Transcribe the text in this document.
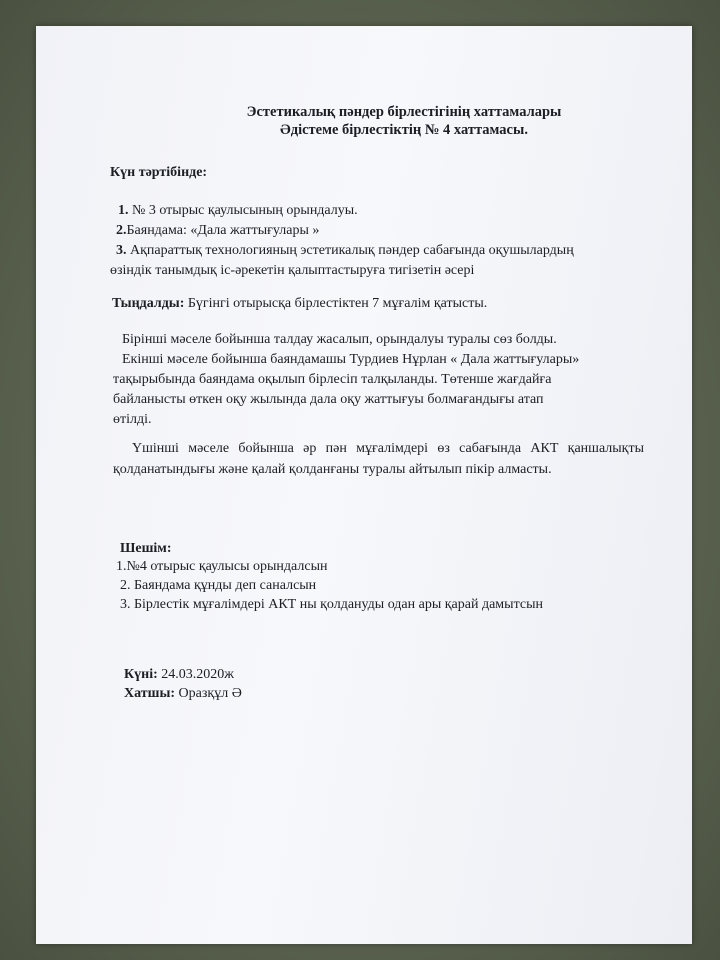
Эстетикалық пәндер бірлестігінің хаттамалары
Әдістеме бірлестіктің № 4 хаттамасы.
Күн тәртібінде:
1. № 3 отырыс қаулысының орындалуы.
2.Баяндама: «Дала жаттығулары »
3. Ақпараттық технологияның эстетикалық пәндер сабағында оқушылардың
өзіндік танымдық іс-әрекетін қалыптастыруға тигізетін әсері
Тыңдалды: Бүгінгі отырысқа бірлестіктен 7 мұғалім қатысты.
Бірінші мәселе бойынша талдау жасалып, орындалуы туралы сөз болды.
Екінші мәселе бойынша баяндамашы Турдиев Нұрлан « Дала жаттығулары»
тақырыбында баяндама оқылып бірлесіп талқыланды. Төтенше жағдайға
байланысты өткен оқу жылында дала оқу жаттығуы болмағандығы атап
өтілді.
Үшінші мәселе бойынша әр пән мұғалімдері өз сабағында АКТ қаншалықты қолданатындығы және қалай қолданғаны туралы айтылып пікір алмасты.
Шешім:
1.№4 отырыс қаулысы орындалсын
2. Баяндама құнды деп саналсын
3. Бірлестік мұғалімдері АКТ ны қолдануды одан ары қарай дамытсын
Күні: 24.03.2020ж
Хатшы: Оразқұл Ә
